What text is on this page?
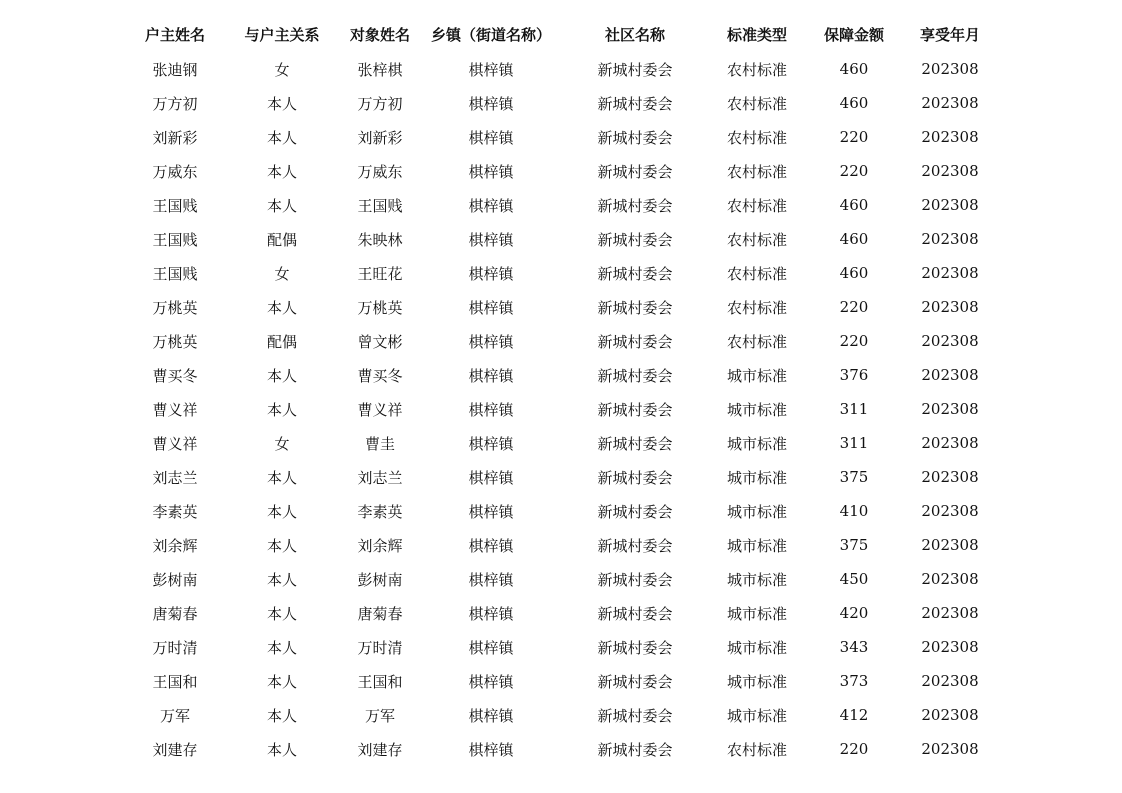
户主姓名	与户主关系	对象姓名	乡镇（街道名称）	社区名称	标准类型	保障金额	享受年月
张迪钢	女	张梓棋	棋梓镇	新城村委会	农村标准	460	202308
万方初	本人	万方初	棋梓镇	新城村委会	农村标准	460	202308
刘新彩	本人	刘新彩	棋梓镇	新城村委会	农村标准	220	202308
万威东	本人	万威东	棋梓镇	新城村委会	农村标准	220	202308
王国贱	本人	王国贱	棋梓镇	新城村委会	农村标准	460	202308
王国贱	配偶	朱映林	棋梓镇	新城村委会	农村标准	460	202308
王国贱	女	王旺花	棋梓镇	新城村委会	农村标准	460	202308
万桃英	本人	万桃英	棋梓镇	新城村委会	农村标准	220	202308
万桃英	配偶	曾文彬	棋梓镇	新城村委会	农村标准	220	202308
曹买冬	本人	曹买冬	棋梓镇	新城村委会	城市标准	376	202308
曹义祥	本人	曹义祥	棋梓镇	新城村委会	城市标准	311	202308
曹义祥	女	曹圭	棋梓镇	新城村委会	城市标准	311	202308
刘志兰	本人	刘志兰	棋梓镇	新城村委会	城市标准	375	202308
李素英	本人	李素英	棋梓镇	新城村委会	城市标准	410	202308
刘余辉	本人	刘余辉	棋梓镇	新城村委会	城市标准	375	202308
彭树南	本人	彭树南	棋梓镇	新城村委会	城市标准	450	202308
唐菊春	本人	唐菊春	棋梓镇	新城村委会	城市标准	420	202308
万时清	本人	万时清	棋梓镇	新城村委会	城市标准	343	202308
王国和	本人	王国和	棋梓镇	新城村委会	城市标准	373	202308
万军	本人	万军	棋梓镇	新城村委会	城市标准	412	202308
刘建存	本人	刘建存	棋梓镇	新城村委会	农村标准	220	202308
